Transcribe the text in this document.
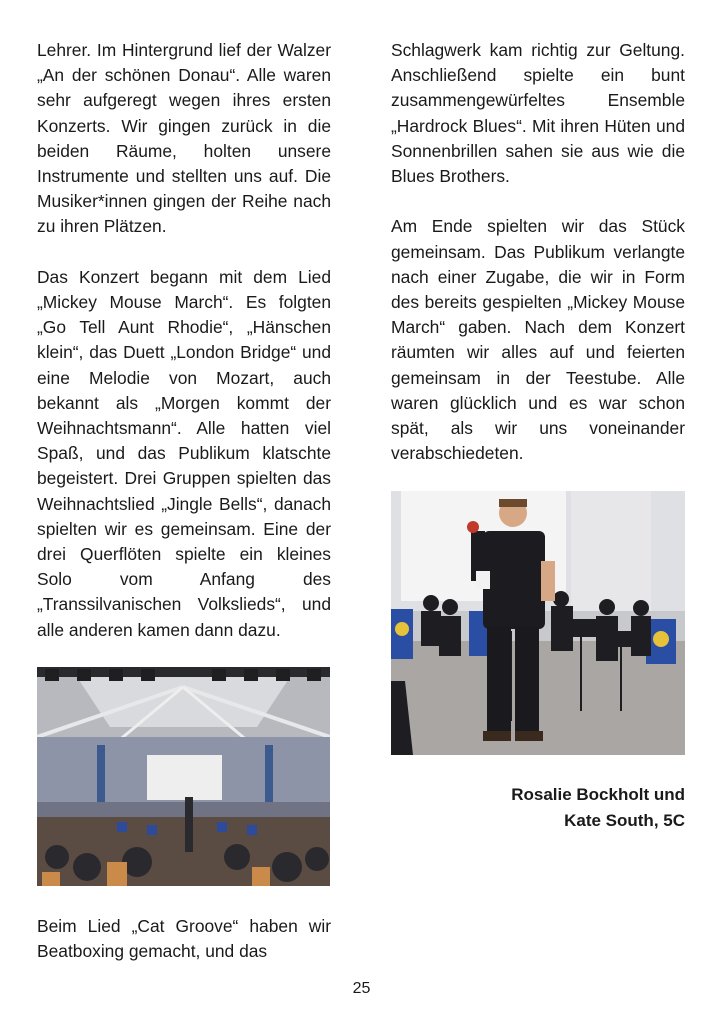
Lehrer. Im Hintergrund lief der Walzer „An der schönen Donau“. Alle waren sehr aufgeregt wegen ihres ersten Konzerts. Wir gingen zurück in die beiden Räume, holten unsere Instrumente und stellten uns auf. Die Musiker*innen gingen der Reihe nach zu ihren Plätzen.

Das Konzert begann mit dem Lied „Mickey Mouse March“. Es folgten „Go Tell Aunt Rhodie“, „Hänschen klein“, das Duett „London Bridge“ und eine Melodie von Mozart, auch bekannt als „Morgen kommt der Weihnachtsmann“. Alle hatten viel Spaß, und das Publikum klatschte begeistert. Drei Gruppen spielten das Weihnachtslied „Jingle Bells“, danach spielten wir es gemeinsam. Eine der drei Querflöten spielte ein kleines Solo vom Anfang des „Transsilvanischen Volkslieds“, und alle anderen kamen dann dazu.

Beim Lied „Cat Groove“ haben wir Beatboxing gemacht, und das

Schlagwerk kam richtig zur Geltung. Anschließend spielte ein bunt zusammengewürfeltes Ensemble „Hardrock Blues“. Mit ihren Hüten und Sonnenbrillen sahen sie aus wie die Blues Brothers.

Am Ende spielten wir das Stück gemeinsam. Das Publikum verlangte nach einer Zugabe, die wir in Form des bereits gespielten „Mickey Mouse March“ gaben. Nach dem Konzert räumten wir alles auf und feierten gemeinsam in der Teestube. Alle waren glücklich und es war schon spät, als wir uns voneinander verabschiedeten.

Rosalie Bockholt und
Kate South, 5C
25
